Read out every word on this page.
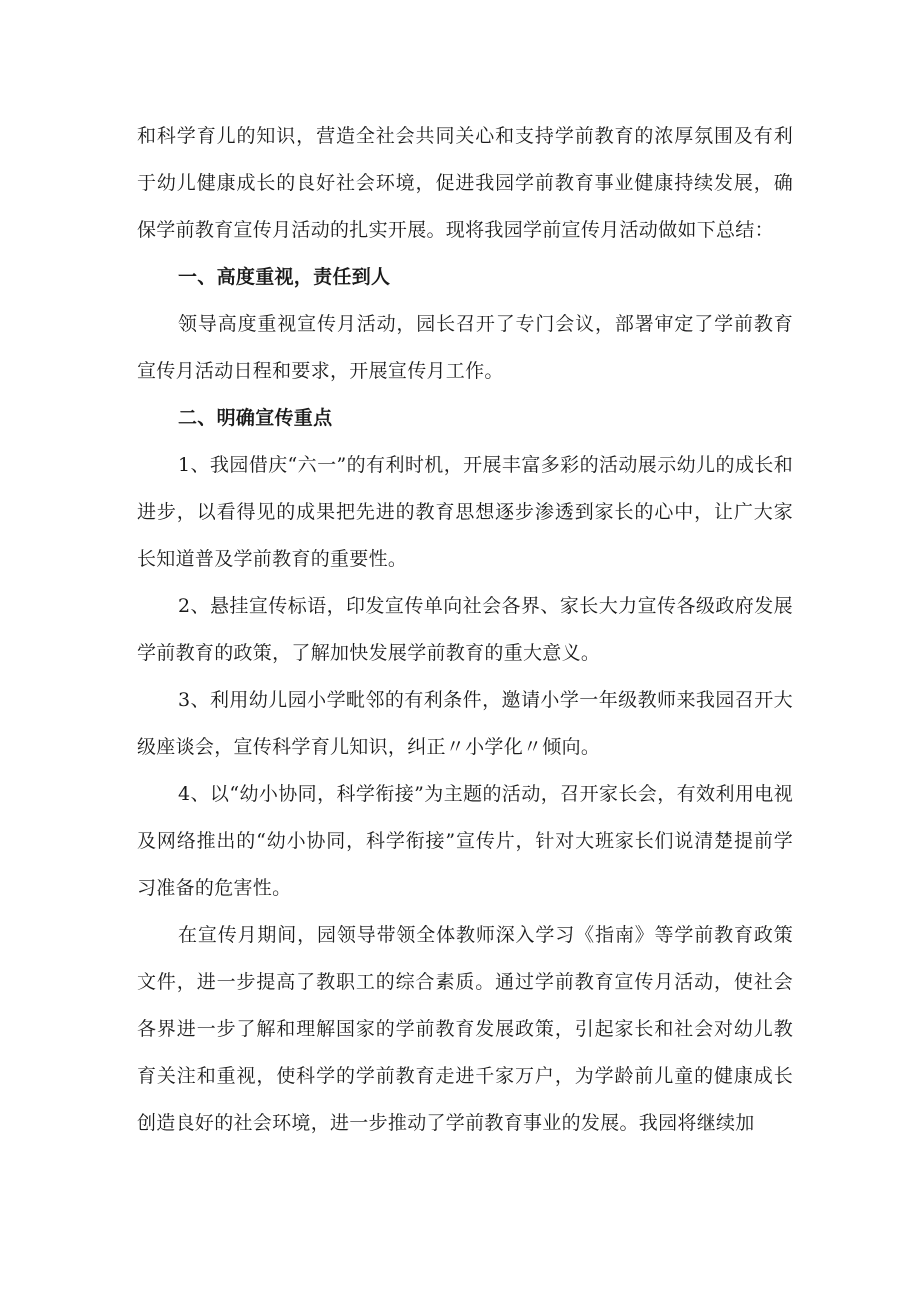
和科学育儿的知识，营造全社会共同关心和支持学前教育的浓厚氛围及有利于幼儿健康成长的良好社会环境，促进我园学前教育事业健康持续发展，确保学前教育宣传月活动的扎实开展。现将我园学前宣传月活动做如下总结：

一、高度重视，责任到人

领导高度重视宣传月活动，园长召开了专门会议，部署审定了学前教育宣传月活动日程和要求，开展宣传月工作。

二、明确宣传重点

1、我园借庆“六一”的有利时机，开展丰富多彩的活动展示幼儿的成长和进步，以看得见的成果把先进的教育思想逐步渗透到家长的心中，让广大家长知道普及学前教育的重要性。

2、悬挂宣传标语，印发宣传单向社会各界、家长大力宣传各级政府发展学前教育的政策，了解加快发展学前教育的重大意义。

3、利用幼儿园小学毗邻的有利条件，邀请小学一年级教师来我园召开大级座谈会，宣传科学育儿知识，纠正〃小学化〃倾向。

4、以“幼小协同，科学衔接”为主题的活动，召开家长会，有效利用电视及网络推出的“幼小协同，科学衔接”宣传片，针对大班家长们说清楚提前学习准备的危害性。

在宣传月期间，园领导带领全体教师深入学习《指南》等学前教育政策文件，进一步提高了教职工的综合素质。通过学前教育宣传月活动，使社会各界进一步了解和理解国家的学前教育发展政策，引起家长和社会对幼儿教育关注和重视，使科学的学前教育走进千家万户，为学龄前儿童的健康成长创造良好的社会环境，进一步推动了学前教育事业的发展。我园将继续加
